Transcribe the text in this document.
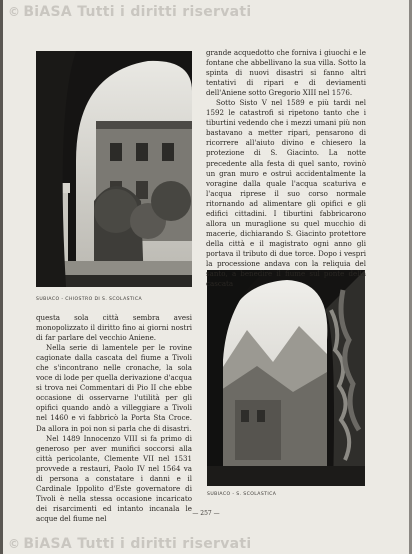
© BiASA Tutti i diritti riservati
SUBIACO - CHIOSTRO DI S. SCOLASTICA
SUBIACO - S. SCOLASTICA

grande acquedotto che forniva i giuochi e le fontane che abbellivano la sua villa. Sotto la spinta di nuovi disastri si fanno altri tentativi di ripari e di deviamenti dell'Aniene sotto Gregorio XIII nel 1576.

Sotto Sisto V nel 1589 e più tardi nel 1592 le catastrofi si ripetono tanto che i tiburtini vedendo che i mezzi umani più non bastavano a metter ripari, pensarono di ricorrere all'aiuto divino e chiesero la protezione di S. Giacinto. La notte precedente alla festa di quel santo, rovinò un gran muro e ostruì accidentalmente la voragine dalla quale l'acqua scaturiva e l'acqua riprese il suo corso normale ritornando ad alimentare gli opifici e gli edifici cittadini. I tiburtini fabbricarono allora un muraglione su quel mucchio di macerie, dichiarando S. Giacinto protettore della città e il magistrato ogni anno gli portava il tributo di due torce. Dopo i vespri la processione andava con la reliquia del santo, a benedire il fiume sul ponte della cascata

questa sola città sembra avesi monopolizzato il diritto fino ai giorni nostri di far parlare del vecchio Aniene.

Nella serie di lamentele per le rovine cagionate dalla cascata del fiume a Tivoli che s'incontrano nelle cronache, la sola voce di lode per quella derivazione d'acqua si trova nei Commentari di Pio II che ebbe occasione di osservarne l'utilità per gli opifici quando andò a villeggiare a Tivoli nel 1460 e vi fabbricò la Porta Sta Croce. Da allora in poi non si parla che di disastri.

Nel 1489 Innocenzo VIII si fa primo di generoso per aver munifici soccorsi alla città pericolante, Clemente VII nel 1531 provvede a restauri, Paolo IV nel 1564 va di persona a constatare i danni e il Cardinale Ippolito d'Este governatore di Tivoli è nella stessa occasione incaricato dei risarcimenti ed intanto incanala le acque del fiume nel

— 257 —
© BiASA Tutti i diritti riservati
